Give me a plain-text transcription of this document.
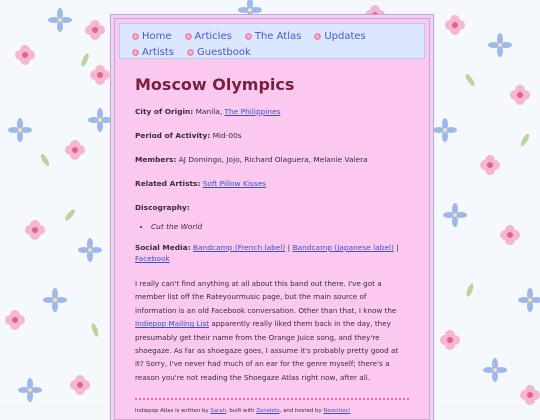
Home Articles The Atlas Updates
Artists Guestbook
Moscow Olympics

City of Origin: Manila, The Philippines

Period of Activity: Mid-00s

Members: AJ Domingo, Jojo, Richard Olaguera, Melanie Valera

Related Artists: Soft Pillow Kisses

Discography:

• Cut the World

Social Media: Bandcamp (French label) | Bandcamp (Japanese label) | Facebook

I really can't find anything at all about this band out there. I've got a member list off the Rateyourmusic page, but the main source of information is an old Facebook conversation. Other than that, I know the Indiepop Mailing List apparently really liked them back in the day, they presumably get their name from the Orange Juice song, and they're shoegaze. As far as shoegaze goes, I assume it's probably pretty good at it? Sorry, I've never had much of an ear for the genre myself; there's a reason you're not reading the Shoegaze Atlas right now, after all.

Indiepop Atlas is written by Sarah, built with Zonelets, and hosted by Neocities!
